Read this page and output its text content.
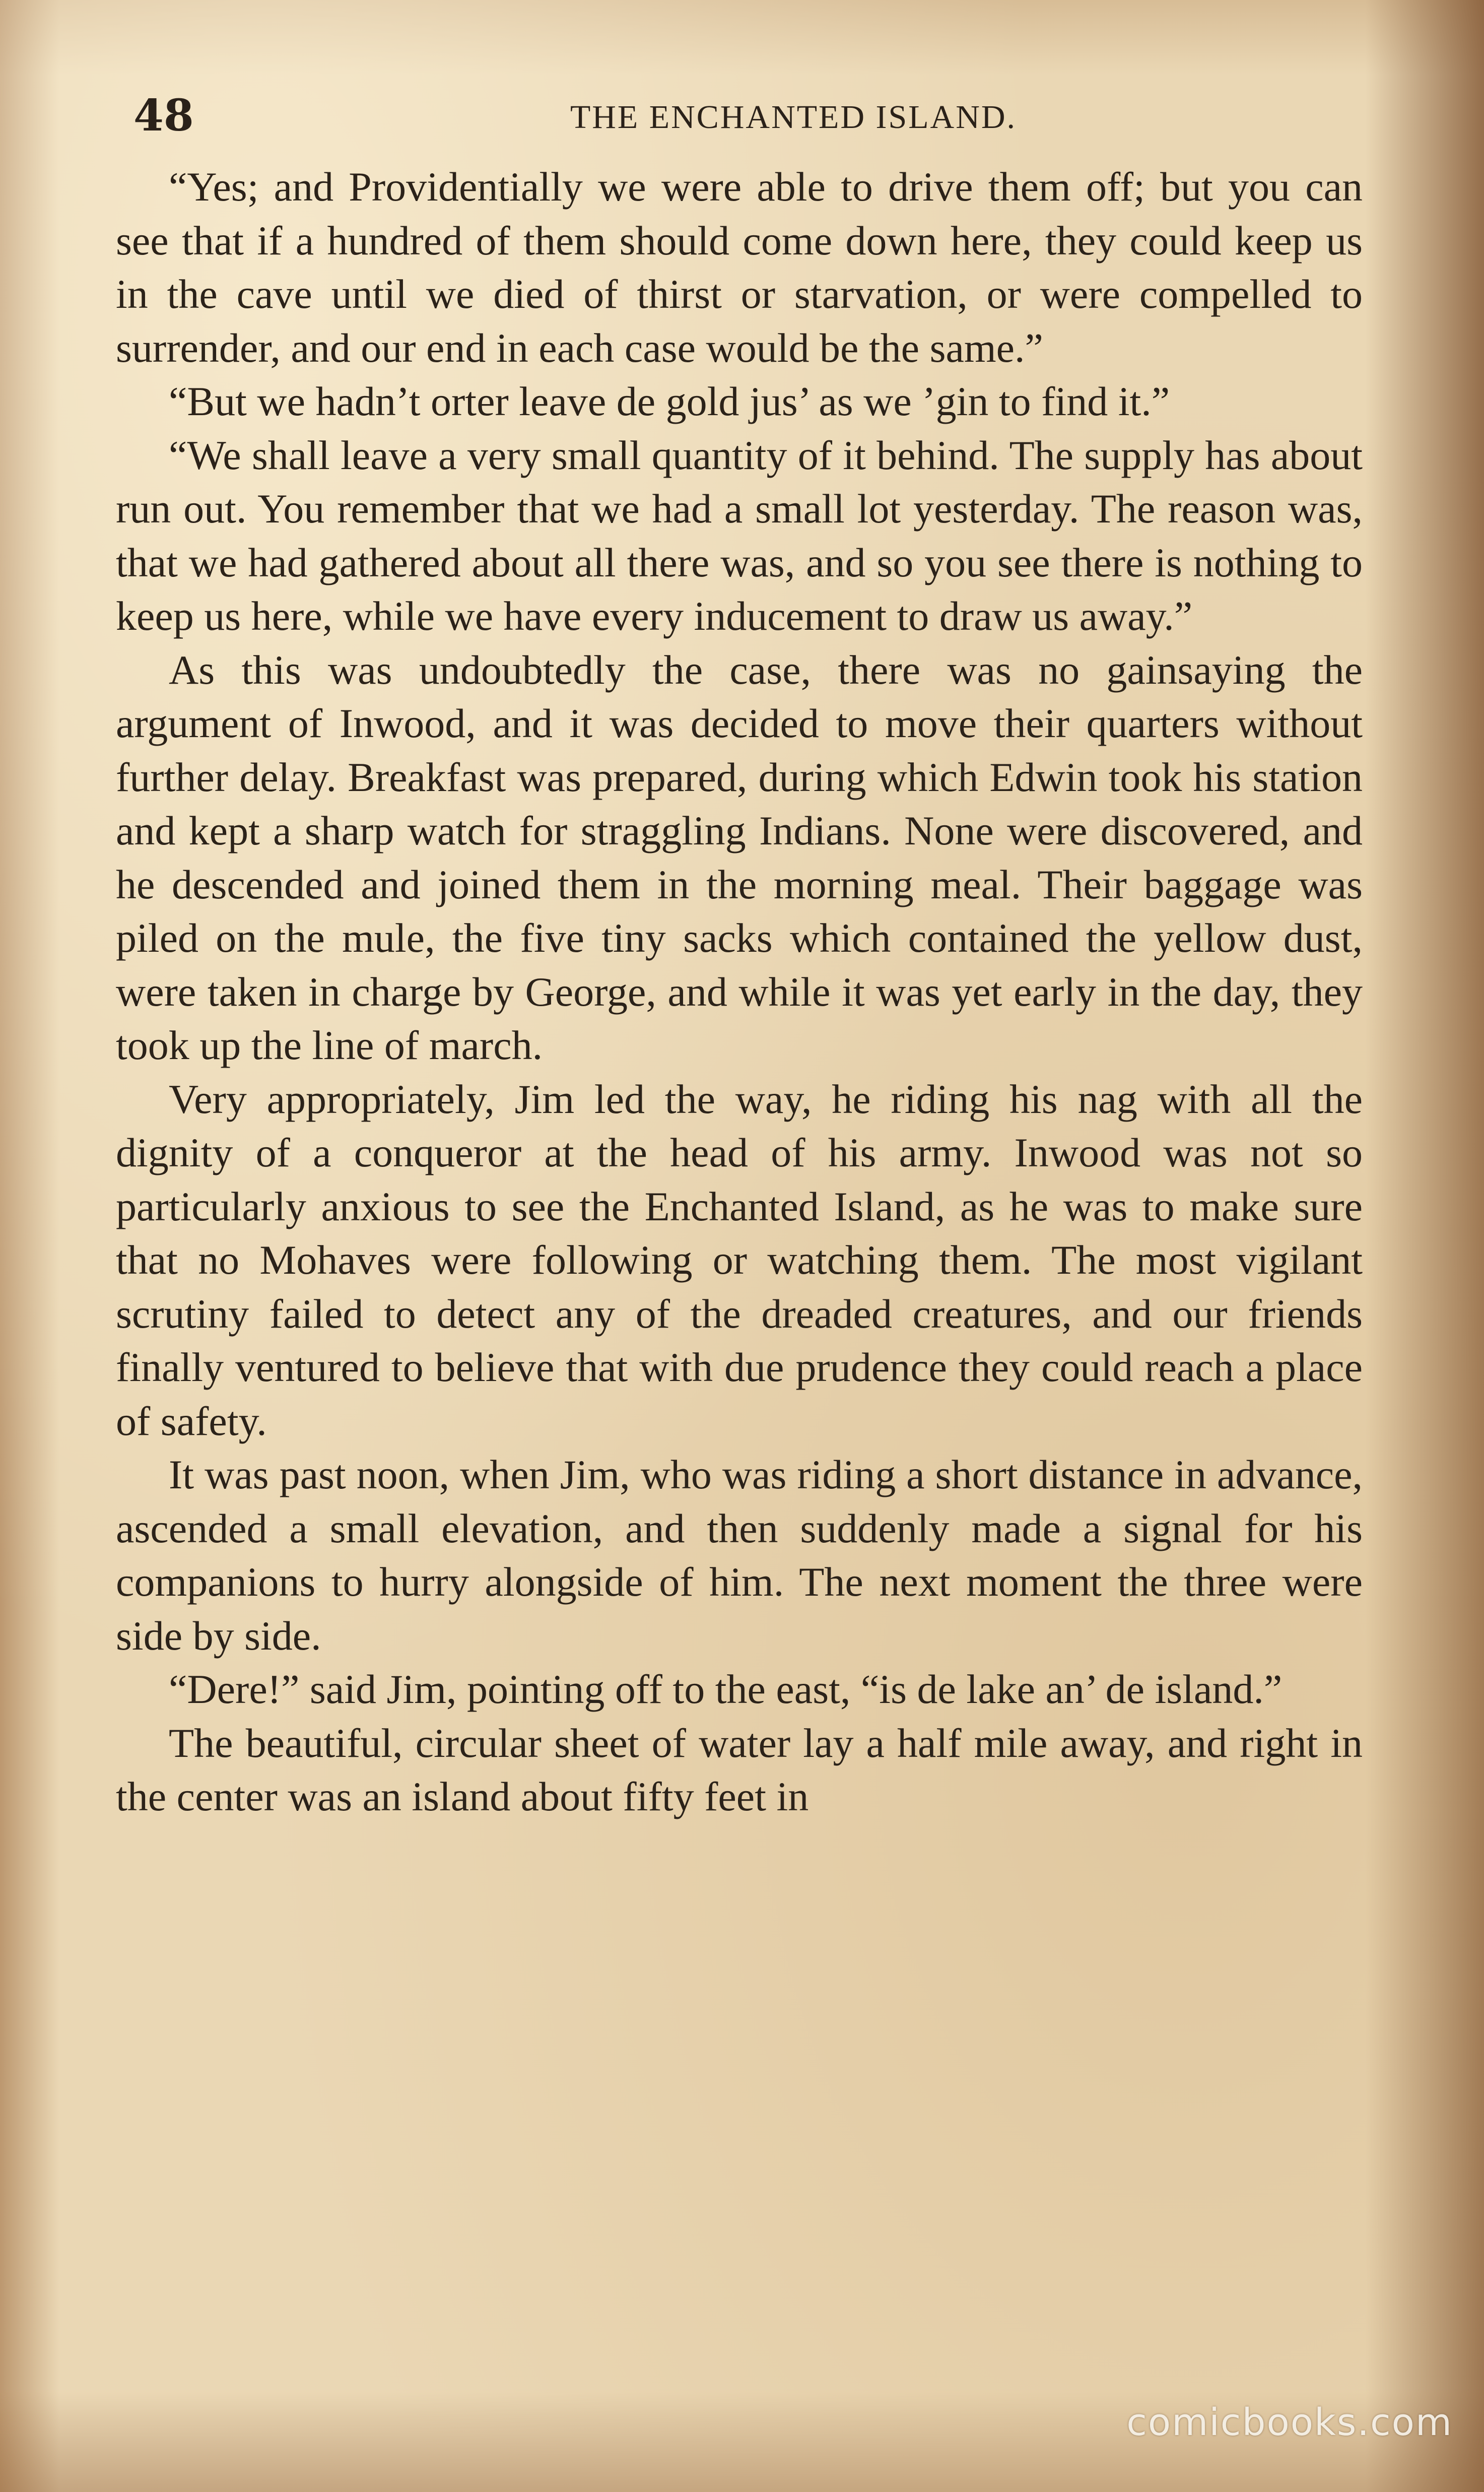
48	THE ENCHANTED ISLAND.

“Yes; and Providentially we were able to drive them off; but you can see that if a hundred of them should come down here, they could keep us in the cave until we died of thirst or starvation, or were compelled to surrender, and our end in each case would be the same.”

“But we hadn’t orter leave de gold jus’ as we ’gin to find it.”

“We shall leave a very small quantity of it behind. The supply has about run out. You remember that we had a small lot yesterday. The reason was, that we had gathered about all there was, and so you see there is nothing to keep us here, while we have every inducement to draw us away.”

As this was undoubtedly the case, there was no gainsaying the argument of Inwood, and it was decided to move their quarters without further delay. Breakfast was prepared, during which Edwin took his station and kept a sharp watch for straggling Indians. None were discovered, and he descended and joined them in the morning meal. Their baggage was piled on the mule, the five tiny sacks which contained the yellow dust, were taken in charge by George, and while it was yet early in the day, they took up the line of march.

Very appropriately, Jim led the way, he riding his nag with all the dignity of a conqueror at the head of his army. Inwood was not so particularly anxious to see the Enchanted Island, as he was to make sure that no Mohaves were following or watching them. The most vigilant scrutiny failed to detect any of the dreaded creatures, and our friends finally ventured to believe that with due prudence they could reach a place of safety.

It was past noon, when Jim, who was riding a short distance in advance, ascended a small elevation, and then suddenly made a signal for his companions to hurry alongside of him. The next moment the three were side by side.

“Dere!” said Jim, pointing off to the east, “is de lake an’ de island.”

The beautiful, circular sheet of water lay a half mile away, and right in the center was an island about fifty feet in

comicbooks.com
